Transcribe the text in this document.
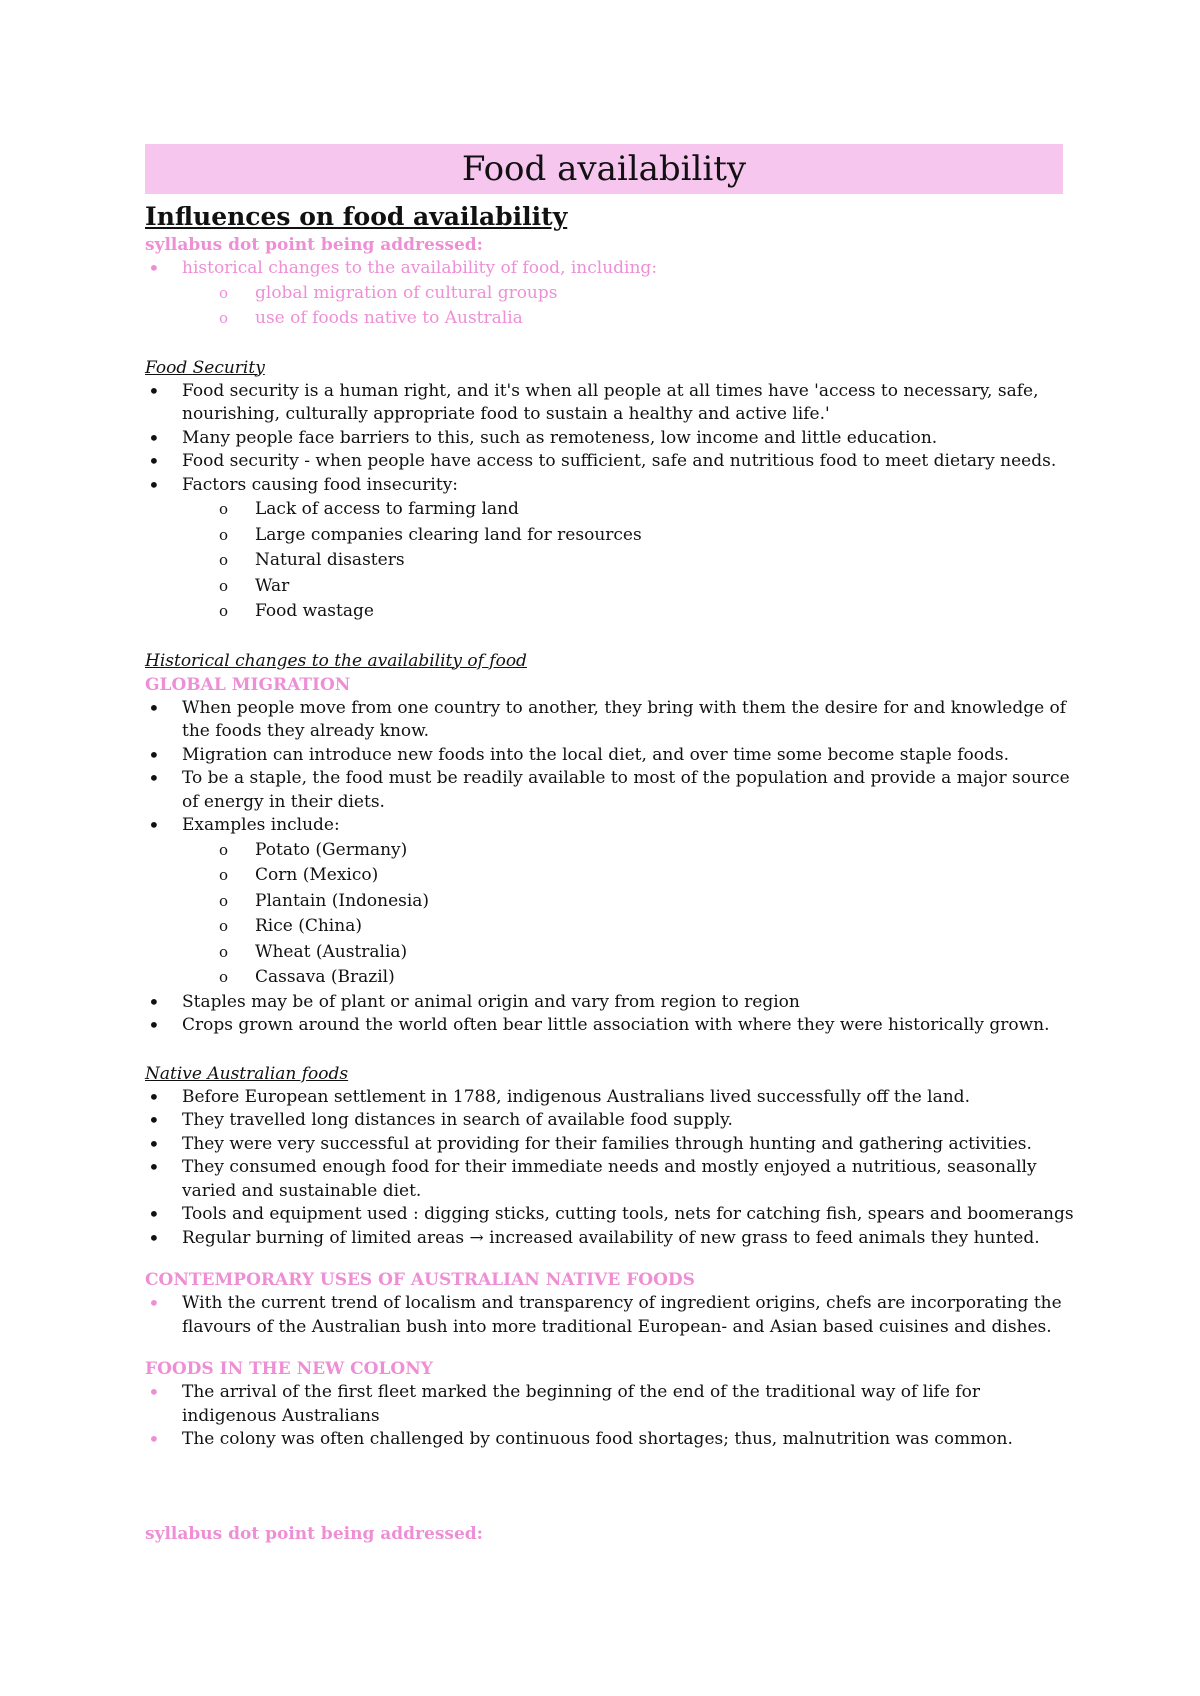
Food availability
Influences on food availability
syllabus dot point being addressed:
• historical changes to the availability of food, including:
o global migration of cultural groups
o use of foods native to Australia
Food Security
• Food security is a human right, and it's when all people at all times have 'access to necessary, safe, nourishing, culturally appropriate food to sustain a healthy and active life.'
• Many people face barriers to this, such as remoteness, low income and little education.
• Food security - when people have access to sufficient, safe and nutritious food to meet dietary needs.
• Factors causing food insecurity:
o Lack of access to farming land
o Large companies clearing land for resources
o Natural disasters
o War
o Food wastage
Historical changes to the availability of food
GLOBAL MIGRATION
• When people move from one country to another, they bring with them the desire for and knowledge of the foods they already know.
• Migration can introduce new foods into the local diet, and over time some become staple foods.
• To be a staple, the food must be readily available to most of the population and provide a major source of energy in their diets.
• Examples include:
o Potato (Germany)
o Corn (Mexico)
o Plantain (Indonesia)
o Rice (China)
o Wheat (Australia)
o Cassava (Brazil)
• Staples may be of plant or animal origin and vary from region to region
• Crops grown around the world often bear little association with where they were historically grown.
Native Australian foods
• Before European settlement in 1788, indigenous Australians lived successfully off the land.
• They travelled long distances in search of available food supply.
• They were very successful at providing for their families through hunting and gathering activities.
• They consumed enough food for their immediate needs and mostly enjoyed a nutritious, seasonally varied and sustainable diet.
• Tools and equipment used : digging sticks, cutting tools, nets for catching fish, spears and boomerangs
• Regular burning of limited areas → increased availability of new grass to feed animals they hunted.
CONTEMPORARY USES OF AUSTRALIAN NATIVE FOODS
• With the current trend of localism and transparency of ingredient origins, chefs are incorporating the flavours of the Australian bush into more traditional European- and Asian based cuisines and dishes.
FOODS IN THE NEW COLONY
• The arrival of the first fleet marked the beginning of the end of the traditional way of life for indigenous Australians
• The colony was often challenged by continuous food shortages; thus, malnutrition was common.
syllabus dot point being addressed:
